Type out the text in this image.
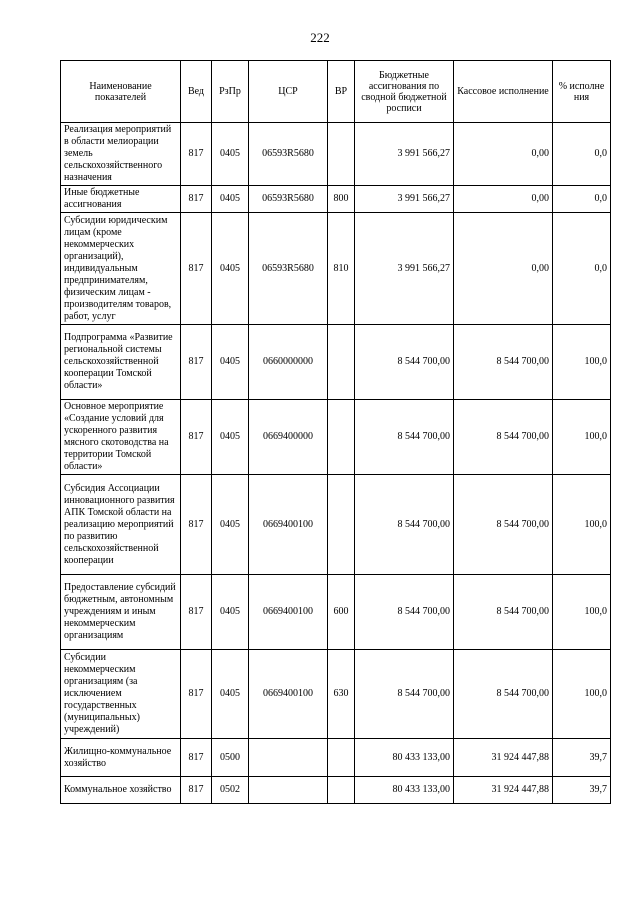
222
Наименование показателей	Вед	РзПр	ЦСР	ВР	Бюджетные ассигнования по сводной бюджетной росписи	Кассовое исполнение	% исполне ния
Реализация мероприятий в области мелиорации земель сельскохозяйственного назначения	817	0405	06593R5680		3 991 566,27	0,00	0,0
Иные бюджетные ассигнования	817	0405	06593R5680	800	3 991 566,27	0,00	0,0
Субсидии юридическим лицам (кроме некоммерческих организаций), индивидуальным предпринимателям, физическим лицам - производителям товаров, работ, услуг	817	0405	06593R5680	810	3 991 566,27	0,00	0,0
Подпрограмма «Развитие региональной системы сельскохозяйственной кооперации Томской области»	817	0405	0660000000		8 544 700,00	8 544 700,00	100,0
Основное мероприятие «Создание условий для ускоренного развития мясного скотоводства на территории Томской области»	817	0405	0669400000		8 544 700,00	8 544 700,00	100,0
Субсидия Ассоциации инновационного развития АПК Томской области на реализацию мероприятий по развитию сельскохозяйственной кооперации	817	0405	0669400100		8 544 700,00	8 544 700,00	100,0
Предоставление субсидий бюджетным, автономным учреждениям и иным некоммерческим организациям	817	0405	0669400100	600	8 544 700,00	8 544 700,00	100,0
Субсидии некоммерческим организациям (за исключением государственных (муниципальных) учреждений)	817	0405	0669400100	630	8 544 700,00	8 544 700,00	100,0
Жилищно-коммунальное хозяйство	817	0500			80 433 133,00	31 924 447,88	39,7
Коммунальное хозяйство	817	0502			80 433 133,00	31 924 447,88	39,7
